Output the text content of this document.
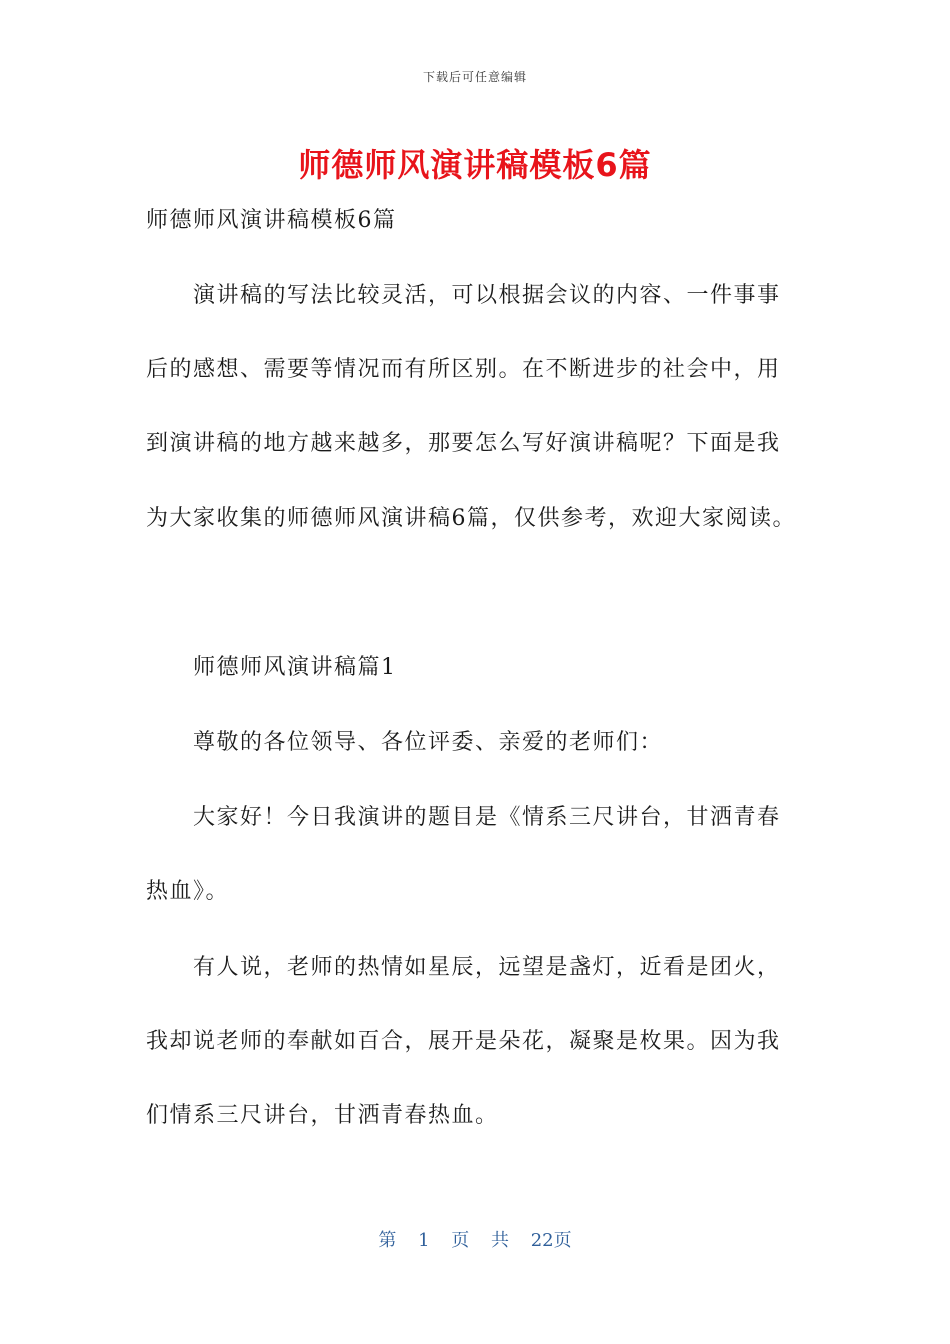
下载后可任意编辑
师德师风演讲稿模板6篇
师德师风演讲稿模板6篇
演讲稿的写法比较灵活，可以根据会议的内容、一件事事
后的感想、需要等情况而有所区别。在不断进步的社会中，用
到演讲稿的地方越来越多，那要怎么写好演讲稿呢？下面是我
为大家收集的师德师风演讲稿6篇，仅供参考，欢迎大家阅读。
师德师风演讲稿篇1
尊敬的各位领导、各位评委、亲爱的老师们：
大家好！今日我演讲的题目是《情系三尺讲台，甘洒青春
热血》。
有人说，老师的热情如星辰，远望是盏灯，近看是团火，
我却说老师的奉献如百合，展开是朵花，凝聚是枚果。因为我
们情系三尺讲台，甘洒青春热血。
第 1 页 共 22页
